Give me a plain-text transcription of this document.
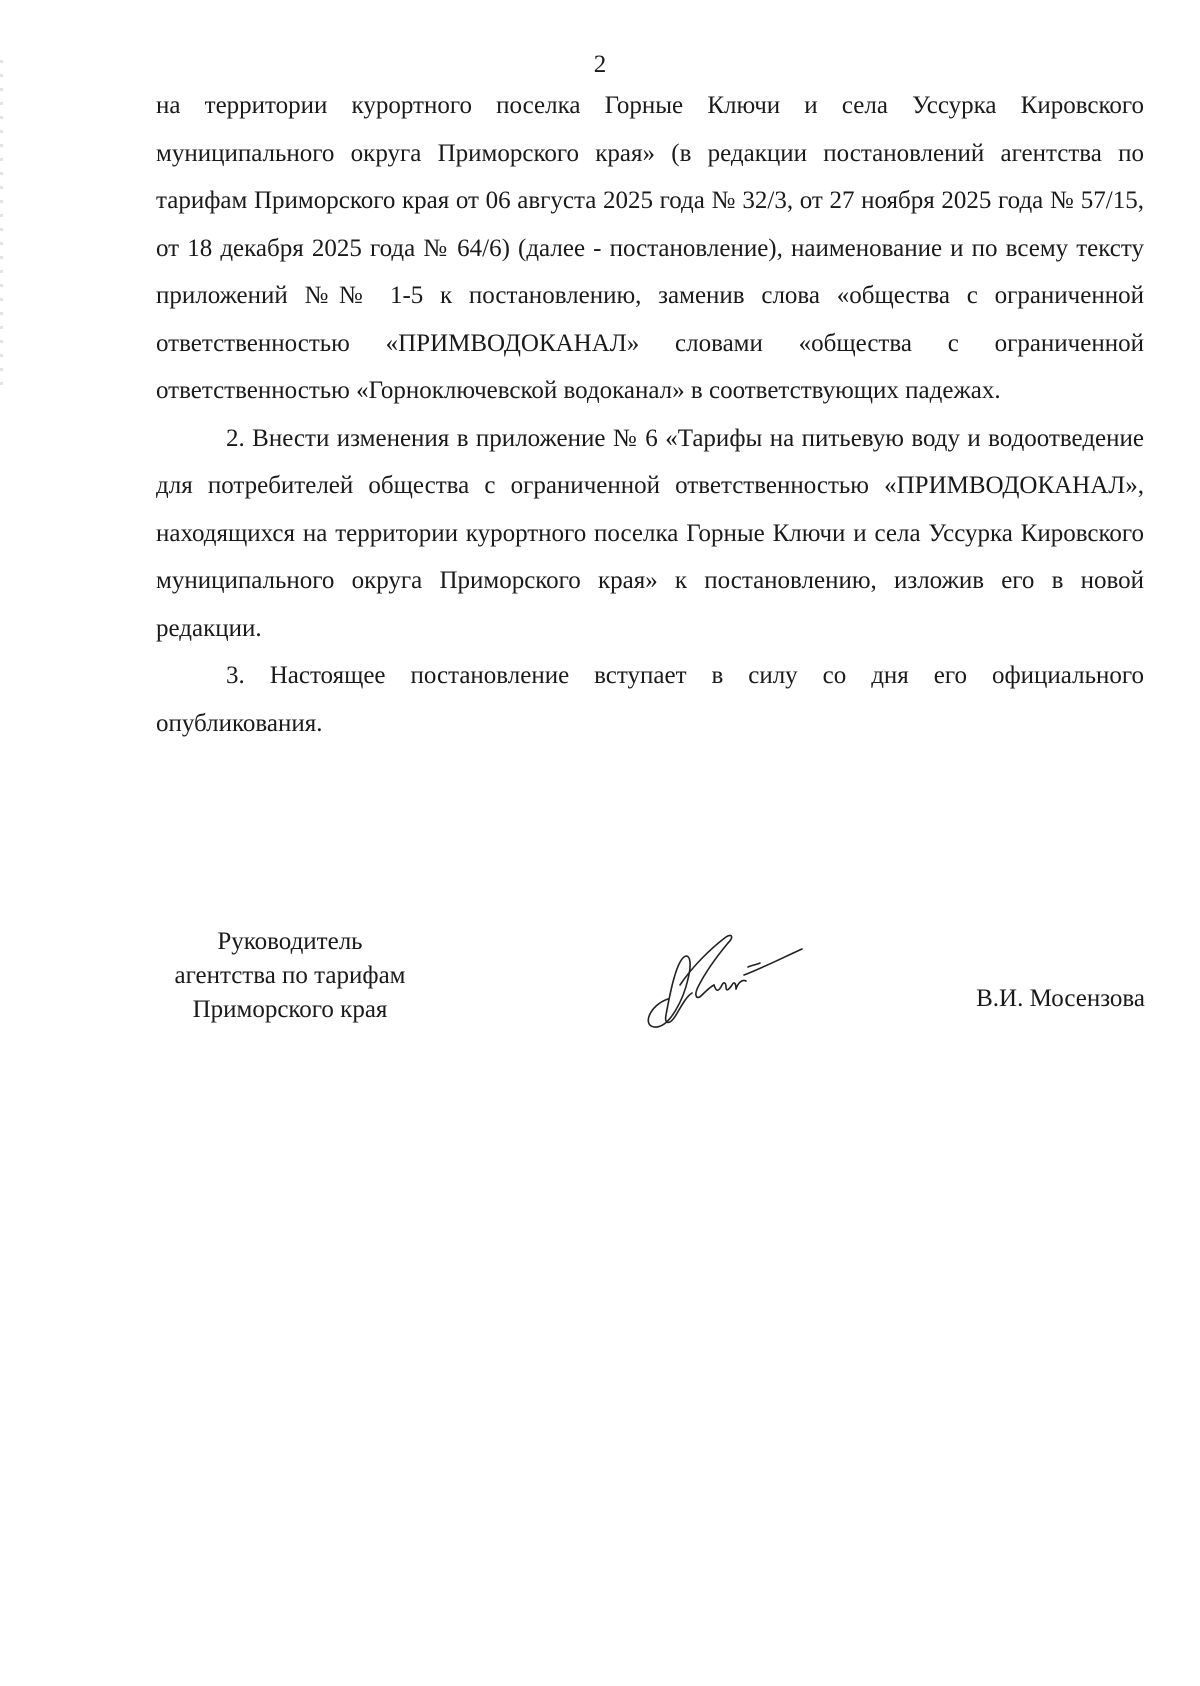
2

на территории курортного поселка Горные Ключи и села Уссурка Кировского муниципального округа Приморского края» (в редакции постановлений агентства по тарифам Приморского края от 06 августа 2025 года № 32/3, от 27 ноября 2025 года № 57/15, от 18 декабря 2025 года № 64/6) (далее - постановление), наименование и по всему тексту приложений №№ 1-5 к постановлению, заменив слова «общества с ограниченной ответственностью «ПРИМВОДОКАНАЛ» словами «общества с ограниченной ответственностью «Горноключевской водоканал» в соответствующих падежах.

2. Внести изменения в приложение № 6 «Тарифы на питьевую воду и водоотведение для потребителей общества с ограниченной ответственностью «ПРИМВОДОКАНАЛ», находящихся на территории курортного поселка Горные Ключи и села Уссурка Кировского муниципального округа Приморского края» к постановлению, изложив его в новой редакции.

3. Настоящее постановление вступает в силу со дня его официального опубликования.

Руководитель
агентства по тарифам
Приморского края	В.И. Мосензова
